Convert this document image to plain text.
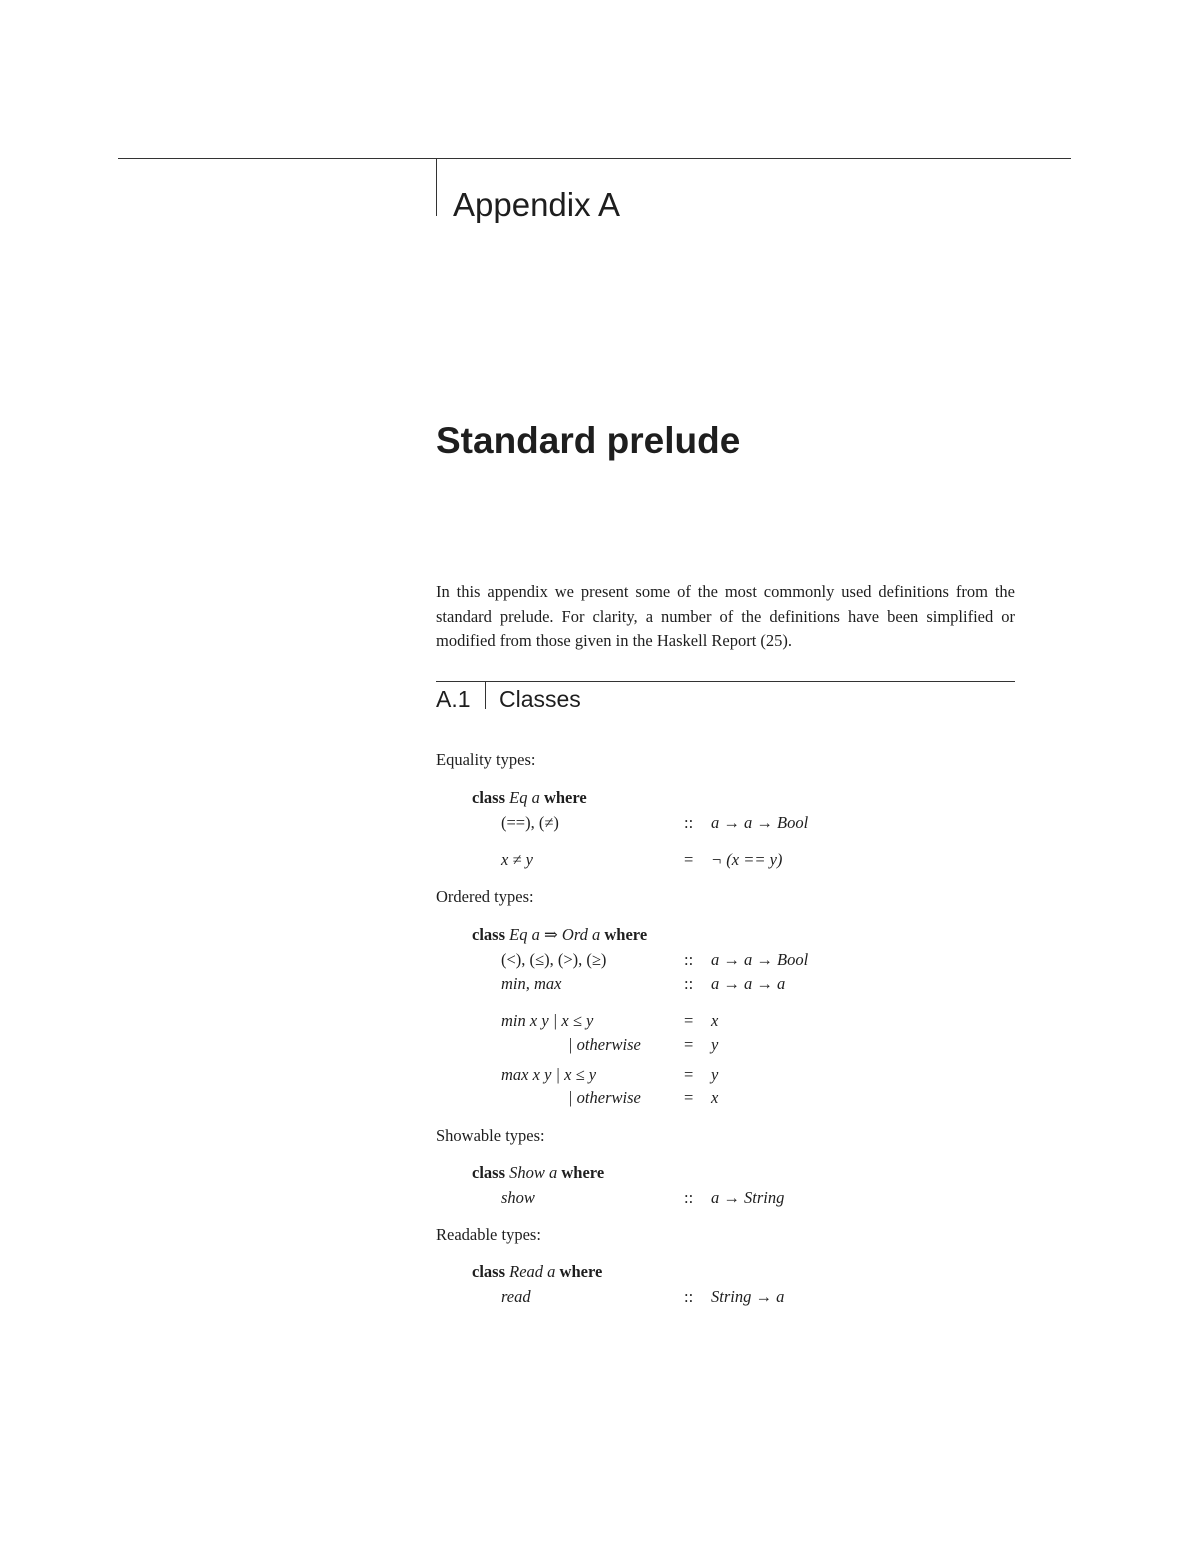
Appendix A
Standard prelude
In this appendix we present some of the most commonly used definitions from the standard prelude. For clarity, a number of the definitions have been simplified or modified from those given in the Haskell Report (25).
A.1 Classes
Equality types:
class Eq a where
(==), (≠)	:: a → a → Bool
x ≠ y	= ¬ (x == y)
Ordered types:
class Eq a ⇒ Ord a where
(<), (≤), (>), (≥)	:: a → a → Bool
min, max	:: a → a → a
min x y | x ≤ y	= x
| otherwise	= y
max x y | x ≤ y	= y
| otherwise	= x
Showable types:
class Show a where
show	:: a → String
Readable types:
class Read a where
read	:: String → a
